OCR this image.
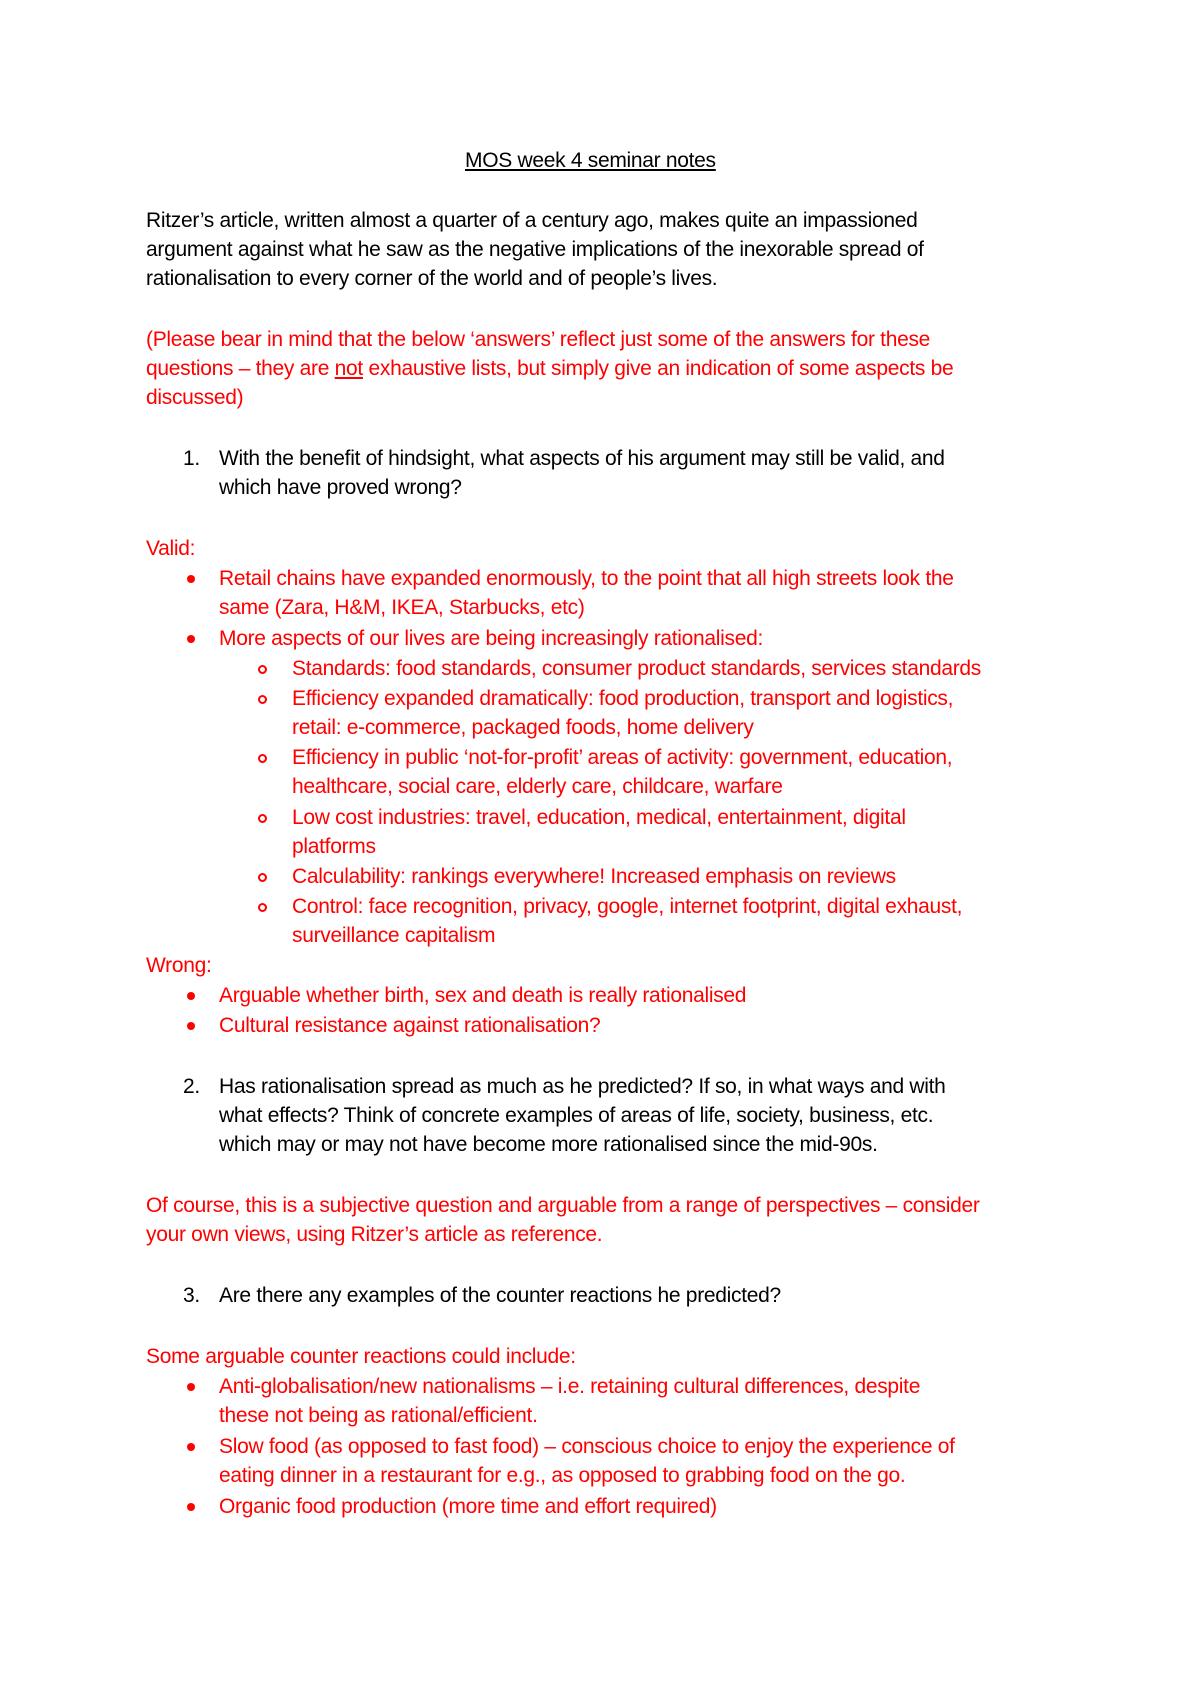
MOS week 4 seminar notes
Ritzer’s article, written almost a quarter of a century ago, makes quite an impassioned
argument against what he saw as the negative implications of the inexorable spread of
rationalisation to every corner of the world and of people’s lives.
(Please bear in mind that the below ‘answers’ reflect just some of the answers for these
questions – they are not exhaustive lists, but simply give an indication of some aspects be
discussed)
1. With the benefit of hindsight, what aspects of his argument may still be valid, and
which have proved wrong?
Valid:
Retail chains have expanded enormously, to the point that all high streets look the
same (Zara, H&M, IKEA, Starbucks, etc)
More aspects of our lives are being increasingly rationalised:
Standards: food standards, consumer product standards, services standards
Efficiency expanded dramatically: food production, transport and logistics,
retail: e-commerce, packaged foods, home delivery
Efficiency in public ‘not-for-profit’ areas of activity: government, education,
healthcare, social care, elderly care, childcare, warfare
Low cost industries: travel, education, medical, entertainment, digital
platforms
Calculability: rankings everywhere! Increased emphasis on reviews
Control: face recognition, privacy, google, internet footprint, digital exhaust,
surveillance capitalism
Wrong:
Arguable whether birth, sex and death is really rationalised
Cultural resistance against rationalisation?
2. Has rationalisation spread as much as he predicted? If so, in what ways and with
what effects? Think of concrete examples of areas of life, society, business, etc.
which may or may not have become more rationalised since the mid-90s.
Of course, this is a subjective question and arguable from a range of perspectives – consider
your own views, using Ritzer’s article as reference.
3. Are there any examples of the counter reactions he predicted?
Some arguable counter reactions could include:
Anti-globalisation/new nationalisms – i.e. retaining cultural differences, despite
these not being as rational/efficient.
Slow food (as opposed to fast food) – conscious choice to enjoy the experience of
eating dinner in a restaurant for e.g., as opposed to grabbing food on the go.
Organic food production (more time and effort required)
